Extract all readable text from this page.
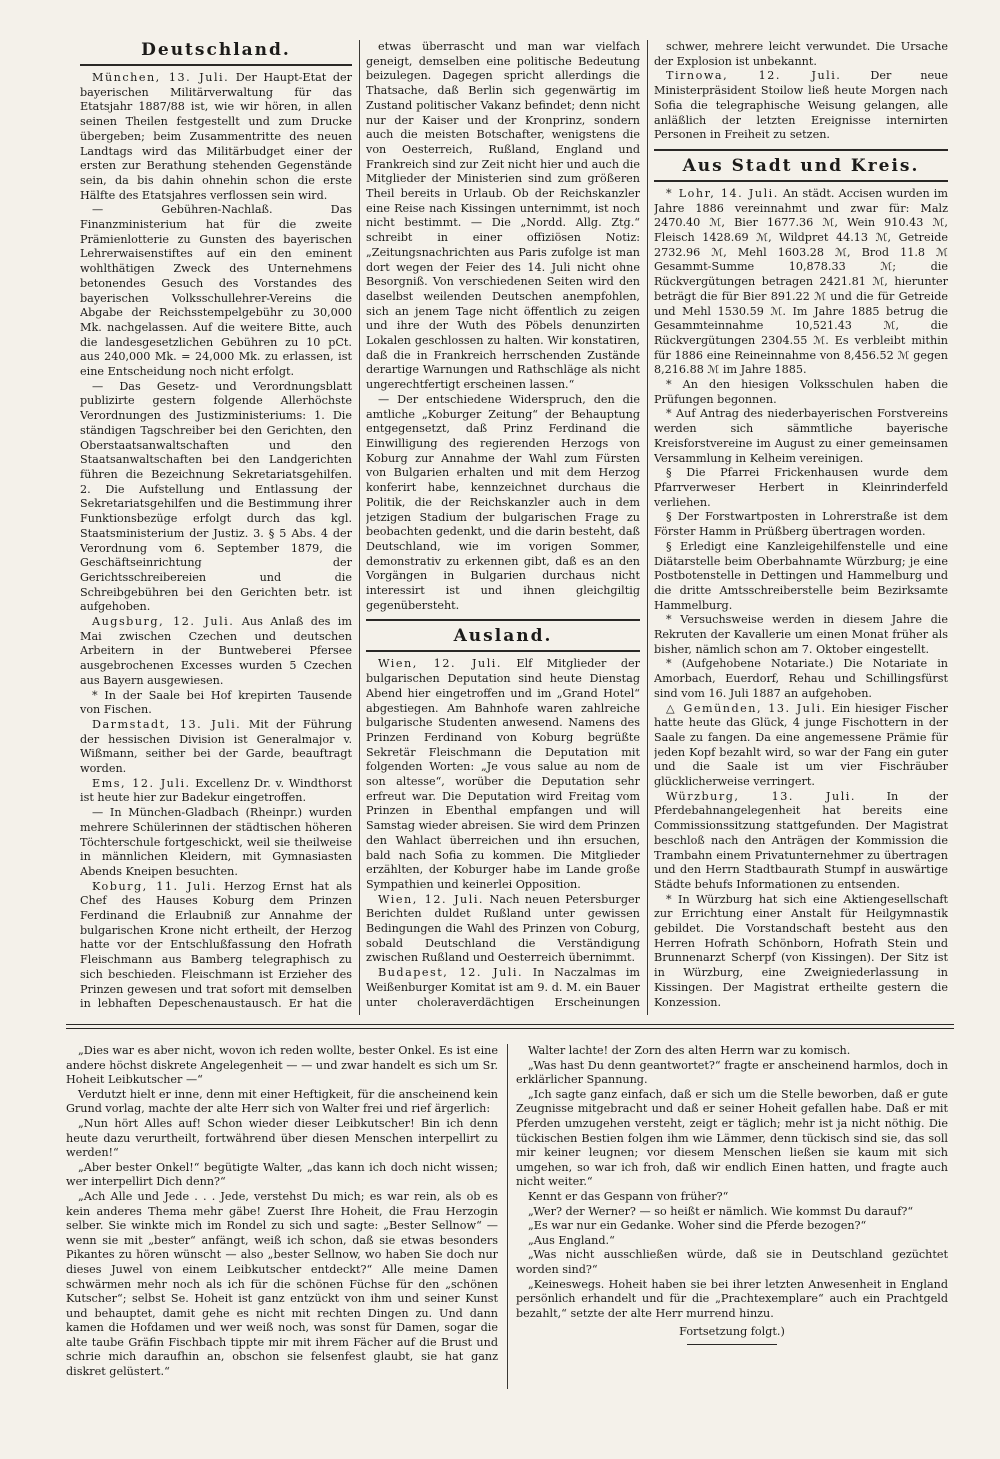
Deutschland.

München, 13. Juli. Der Haupt-Etat der bayerischen Militärverwaltung für das Etatsjahr 1887/88 ist, wie wir hören, in allen seinen Theilen festgestellt und zum Drucke übergeben; beim Zusammentritte des neuen Landtags wird das Militärbudget einer der ersten zur Berathung stehenden Gegenstände sein, da bis dahin ohnehin schon die erste Hälfte des Etatsjahres verflossen sein wird.

— Gebühren-Nachlaß. Das Finanzministerium hat für die zweite Prämienlotterie zu Gunsten des bayerischen Lehrerwaisenstiftes auf ein den eminent wohlthätigen Zweck des Unternehmens betonendes Gesuch des Vorstandes des bayerischen Volksschullehrer-Vereins die Abgabe der Reichsstempelgebühr zu 30,000 Mk. nachgelassen. Auf die weitere Bitte, auch die landesgesetzlichen Gebühren zu 10 pCt. aus 240,000 Mk. = 24,000 Mk. zu erlassen, ist eine Entscheidung noch nicht erfolgt.

— Das Gesetz- und Verordnungsblatt publizirte gestern folgende Allerhöchste Verordnungen des Justizministeriums: 1. Die ständigen Tagschreiber bei den Gerichten, den Oberstaatsanwaltschaften und den Staatsanwaltschaften bei den Landgerichten führen die Bezeichnung Sekretariatsgehilfen. 2. Die Aufstellung und Entlassung der Sekretariatsgehilfen und die Bestimmung ihrer Funktionsbezüge erfolgt durch das kgl. Staatsministerium der Justiz. 3. § 5 Abs. 4 der Verordnung vom 6. September 1879, die Geschäftseinrichtung der Gerichtsschreibereien und die Schreibgebühren bei den Gerichten betr. ist aufgehoben.

Augsburg, 12. Juli. Aus Anlaß des im Mai zwischen Czechen und deutschen Arbeitern in der Buntweberei Pfersee ausgebrochenen Excesses wurden 5 Czechen aus Bayern ausgewiesen.

* In der Saale bei Hof krepirten Tausende von Fischen.

Darmstadt, 13. Juli. Mit der Führung der hessischen Division ist Generalmajor v. Wißmann, seither bei der Garde, beauftragt worden.

Ems, 12. Juli. Excellenz Dr. v. Windthorst ist heute hier zur Badekur eingetroffen.

— In München-Gladbach (Rheinpr.) wurden mehrere Schülerinnen der städtischen höheren Töchterschule fortgeschickt, weil sie theilweise in männlichen Kleidern, mit Gymnasiasten Abends Kneipen besuchten.

Koburg, 11. Juli. Herzog Ernst hat als Chef des Hauses Koburg dem Prinzen Ferdinand die Erlaubniß zur Annahme der bulgarischen Krone nicht ertheilt, der Herzog hatte vor der Entschlußfassung den Hofrath Fleischmann aus Bamberg telegraphisch zu sich beschieden. Fleischmann ist Erzieher des Prinzen gewesen und trat sofort mit demselben in lebhaften Depeschenaustausch. Er hat die

etwas überrascht und man war vielfach geneigt, demselben eine politische Bedeutung beizulegen. Dagegen spricht allerdings die Thatsache, daß Berlin sich gegenwärtig im Zustand politischer Vakanz befindet; denn nicht nur der Kaiser und der Kronprinz, sondern auch die meisten Botschafter, wenigstens die von Oesterreich, Rußland, England und Frankreich sind zur Zeit nicht hier und auch die Mitglieder der Ministerien sind zum größeren Theil bereits in Urlaub. Ob der Reichskanzler eine Reise nach Kissingen unternimmt, ist noch nicht bestimmt. — Die „Nordd. Allg. Ztg.“ schreibt in einer offiziösen Notiz: „Zeitungsnachrichten aus Paris zufolge ist man dort wegen der Feier des 14. Juli nicht ohne Besorgniß. Von verschiedenen Seiten wird den daselbst weilenden Deutschen anempfohlen, sich an jenem Tage nicht öffentlich zu zeigen und ihre der Wuth des Pöbels denunzirten Lokalen geschlossen zu halten. Wir konstatiren, daß die in Frankreich herrschenden Zustände derartige Warnungen und Rathschläge als nicht ungerechtfertigt erscheinen lassen.“

— Der entschiedene Widerspruch, den die amtliche „Koburger Zeitung“ der Behauptung entgegensetzt, daß Prinz Ferdinand die Einwilligung des regierenden Herzogs von Koburg zur Annahme der Wahl zum Fürsten von Bulgarien erhalten und mit dem Herzog konferirt habe, kennzeichnet durchaus die Politik, die der Reichskanzler auch in dem jetzigen Stadium der bulgarischen Frage zu beobachten gedenkt, und die darin besteht, daß Deutschland, wie im vorigen Sommer, demonstrativ zu erkennen gibt, daß es an den Vorgängen in Bulgarien durchaus nicht interessirt ist und ihnen gleichgiltig gegenübersteht.

Ausland.

Wien, 12. Juli. Elf Mitglieder der bulgarischen Deputation sind heute Dienstag Abend hier eingetroffen und im „Grand Hotel“ abgestiegen. Am Bahnhofe waren zahlreiche bulgarische Studenten anwesend. Namens des Prinzen Ferdinand von Koburg begrüßte Sekretär Fleischmann die Deputation mit folgenden Worten: „Je vous salue au nom de son altesse“, worüber die Deputation sehr erfreut war. Die Deputation wird Freitag vom Prinzen in Ebenthal empfangen und will Samstag wieder abreisen. Sie wird dem Prinzen den Wahlact überreichen und ihn ersuchen, bald nach Sofia zu kommen. Die Mitglieder erzählten, der Koburger habe im Lande große Sympathien und keinerlei Opposition.

Wien, 12. Juli. Nach neuen Petersburger Berichten duldet Rußland unter gewissen Bedingungen die Wahl des Prinzen von Coburg, sobald Deutschland die Verständigung zwischen Rußland und Oesterreich übernimmt.

Budapest, 12. Juli. In Naczalmas im Weißenburger Komitat ist am 9. d. M. ein Bauer unter choleraverdächtigen Erscheinungen

schwer, mehrere leicht verwundet. Die Ursache der Explosion ist unbekannt.

Tirnowa, 12. Juli. Der neue Ministerpräsident Stoilow ließ heute Morgen nach Sofia die telegraphische Weisung gelangen, alle anläßlich der letzten Ereignisse internirten Personen in Freiheit zu setzen.

Aus Stadt und Kreis.

* Lohr, 14. Juli. An städt. Accisen wurden im Jahre 1886 vereinnahmt und zwar für: Malz 2470.40 ℳ, Bier 1677.36 ℳ, Wein 910.43 ℳ, Fleisch 1428.69 ℳ, Wildpret 44.13 ℳ, Getreide 2732.96 ℳ, Mehl 1603.28 ℳ, Brod 11.8 ℳ Gesammt-Summe 10,878.33 ℳ; die Rückvergütungen betragen 2421.81 ℳ, hierunter beträgt die für Bier 891.22 ℳ und die für Getreide und Mehl 1530.59 ℳ. Im Jahre 1885 betrug die Gesammteinnahme 10,521.43 ℳ, die Rückvergütungen 2304.55 ℳ. Es verbleibt mithin für 1886 eine Reineinnahme von 8,456.52 ℳ gegen 8,216.88 ℳ im Jahre 1885.

* An den hiesigen Volksschulen haben die Prüfungen begonnen.

* Auf Antrag des niederbayerischen Forstvereins werden sich sämmtliche bayerische Kreisforstvereine im August zu einer gemeinsamen Versammlung in Kelheim vereinigen.

§ Die Pfarrei Frickenhausen wurde dem Pfarrverweser Herbert in Kleinrinderfeld verliehen.

§ Der Forstwartposten in Lohrerstraße ist dem Förster Hamm in Prüßberg übertragen worden.

§ Erledigt eine Kanzleigehilfenstelle und eine Diätarstelle beim Oberbahnamte Würzburg; je eine Postbotenstelle in Dettingen und Hammelburg und die dritte Amtsschreiberstelle beim Bezirksamte Hammelburg.

* Versuchsweise werden in diesem Jahre die Rekruten der Kavallerie um einen Monat früher als bisher, nämlich schon am 7. Oktober eingestellt.

* (Aufgehobene Notariate.) Die Notariate in Amorbach, Euerdorf, Rehau und Schillingsfürst sind vom 16. Juli 1887 an aufgehoben.

△ Gemünden, 13. Juli. Ein hiesiger Fischer hatte heute das Glück, 4 junge Fischottern in der Saale zu fangen. Da eine angemessene Prämie für jeden Kopf bezahlt wird, so war der Fang ein guter und die Saale ist um vier Fischräuber glücklicherweise verringert.

Würzburg, 13. Juli. In der Pferdebahnangelegenheit hat bereits eine Commissionssitzung stattgefunden. Der Magistrat beschloß nach den Anträgen der Kommission die Trambahn einem Privatunternehmer zu übertragen und den Herrn Stadtbaurath Stumpf in auswärtige Städte behufs Informationen zu entsenden.

* In Würzburg hat sich eine Aktiengesellschaft zur Errichtung einer Anstalt für Heilgymnastik gebildet. Die Vorstandschaft besteht aus den Herren Hofrath Schönborn, Hofrath Stein und Brunnenarzt Scherpf (von Kissingen). Der Sitz ist in Würzburg, eine Zweigniederlassung in Kissingen. Der Magistrat ertheilte gestern die Konzession.

„Dies war es aber nicht, wovon ich reden wollte, bester Onkel. Es ist eine andere höchst diskrete Angelegenheit — — und zwar handelt es sich um Sr. Hoheit Leibkutscher —“

Verdutzt hielt er inne, denn mit einer Heftigkeit, für die anscheinend kein Grund vorlag, machte der alte Herr sich von Walter frei und rief ärgerlich:

„Nun hört Alles auf! Schon wieder dieser Leibkutscher! Bin ich denn heute dazu verurtheilt, fortwährend über diesen Menschen interpellirt zu werden!“

„Aber bester Onkel!“ begütigte Walter, „das kann ich doch nicht wissen; wer interpellirt Dich denn?“

„Ach Alle und Jede . . . Jede, verstehst Du mich; es war rein, als ob es kein anderes Thema mehr gäbe! Zuerst Ihre Hoheit, die Frau Herzogin selber. Sie winkte mich im Rondel zu sich und sagte: „Bester Sellnow“ — wenn sie mit „bester“ anfängt, weiß ich schon, daß sie etwas besonders Pikantes zu hören wünscht — also „bester Sellnow, wo haben Sie doch nur dieses Juwel von einem Leibkutscher entdeckt?“ Alle meine Damen schwärmen mehr noch als ich für die schönen Füchse für den „schönen Kutscher“; selbst Se. Hoheit ist ganz entzückt von ihm und seiner Kunst und behauptet, damit gehe es nicht mit rechten Dingen zu. Und dann kamen die Hofdamen und wer weiß noch, was sonst für Damen, sogar die alte taube Gräfin Fischbach tippte mir mit ihrem Fächer auf die Brust und schrie mich daraufhin an, obschon sie felsenfest glaubt, sie hat ganz diskret gelüstert.“

Walter lachte! der Zorn des alten Herrn war zu komisch.

„Was hast Du denn geantwortet?“ fragte er anscheinend harmlos, doch in erklärlicher Spannung.

„Ich sagte ganz einfach, daß er sich um die Stelle beworben, daß er gute Zeugnisse mitgebracht und daß er seiner Hoheit gefallen habe. Daß er mit Pferden umzugehen versteht, zeigt er täglich; mehr ist ja nicht nöthig. Die tückischen Bestien folgen ihm wie Lämmer, denn tückisch sind sie, das soll mir keiner leugnen; vor diesem Menschen ließen sie kaum mit sich umgehen, so war ich froh, daß wir endlich Einen hatten, und fragte auch nicht weiter.“

Kennt er das Gespann von früher?“

„Wer? der Werner? — so heißt er nämlich. Wie kommst Du darauf?“

„Es war nur ein Gedanke. Woher sind die Pferde bezogen?“

„Aus England.“

„Was nicht ausschließen würde, daß sie in Deutschland gezüchtet worden sind?“

„Keineswegs. Hoheit haben sie bei ihrer letzten Anwesenheit in England persönlich erhandelt und für die „Prachtexemplare“ auch ein Prachtgeld bezahlt,“ setzte der alte Herr murrend hinzu.

Fortsetzung folgt.)
